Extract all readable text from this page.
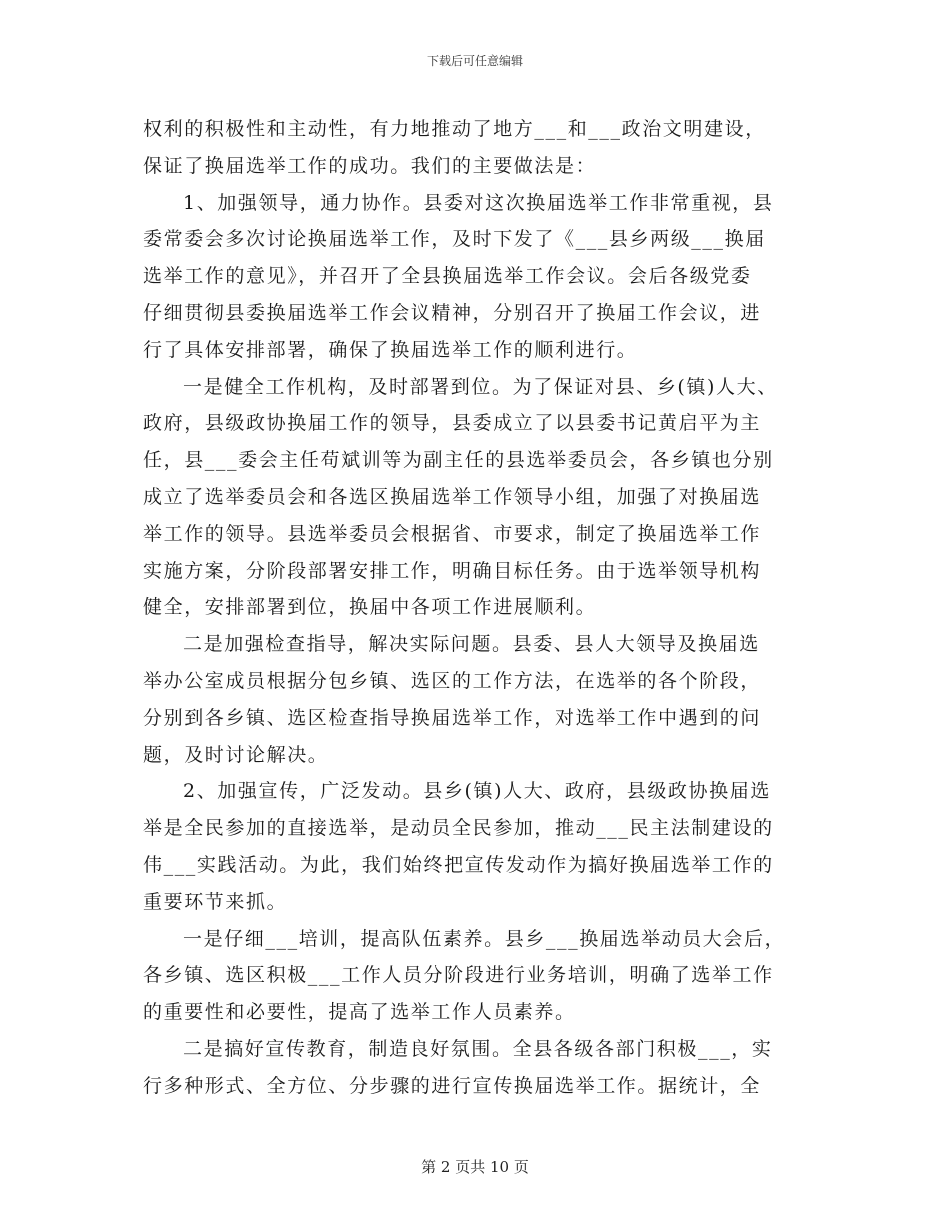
下载后可任意编辑
权利的积极性和主动性，有力地推动了地方___和___政治文明建设，
保证了换届选举工作的成功。我们的主要做法是：
1、加强领导，通力协作。县委对这次换届选举工作非常重视，县
委常委会多次讨论换届选举工作，及时下发了《___县乡两级___换届
选举工作的意见》，并召开了全县换届选举工作会议。会后各级党委
仔细贯彻县委换届选举工作会议精神，分别召开了换届工作会议，进
行了具体安排部署，确保了换届选举工作的顺利进行。
一是健全工作机构，及时部署到位。为了保证对县、乡(镇)人大、
政府，县级政协换届工作的领导，县委成立了以县委书记黄启平为主
任，县___委会主任苟斌训等为副主任的县选举委员会，各乡镇也分别
成立了选举委员会和各选区换届选举工作领导小组，加强了对换届选
举工作的领导。县选举委员会根据省、市要求，制定了换届选举工作
实施方案，分阶段部署安排工作，明确目标任务。由于选举领导机构
健全，安排部署到位，换届中各项工作进展顺利。
二是加强检查指导，解决实际问题。县委、县人大领导及换届选
举办公室成员根据分包乡镇、选区的工作方法，在选举的各个阶段，
分别到各乡镇、选区检查指导换届选举工作，对选举工作中遇到的问
题，及时讨论解决。
2、加强宣传，广泛发动。县乡(镇)人大、政府，县级政协换届选
举是全民参加的直接选举，是动员全民参加，推动___民主法制建设的
伟___实践活动。为此，我们始终把宣传发动作为搞好换届选举工作的
重要环节来抓。
一是仔细___培训，提高队伍素养。县乡___换届选举动员大会后，
各乡镇、选区积极___工作人员分阶段进行业务培训，明确了选举工作
的重要性和必要性，提高了选举工作人员素养。
二是搞好宣传教育，制造良好氛围。全县各级各部门积极___，实
行多种形式、全方位、分步骤的进行宣传换届选举工作。据统计，全
第 2 页共 10 页
